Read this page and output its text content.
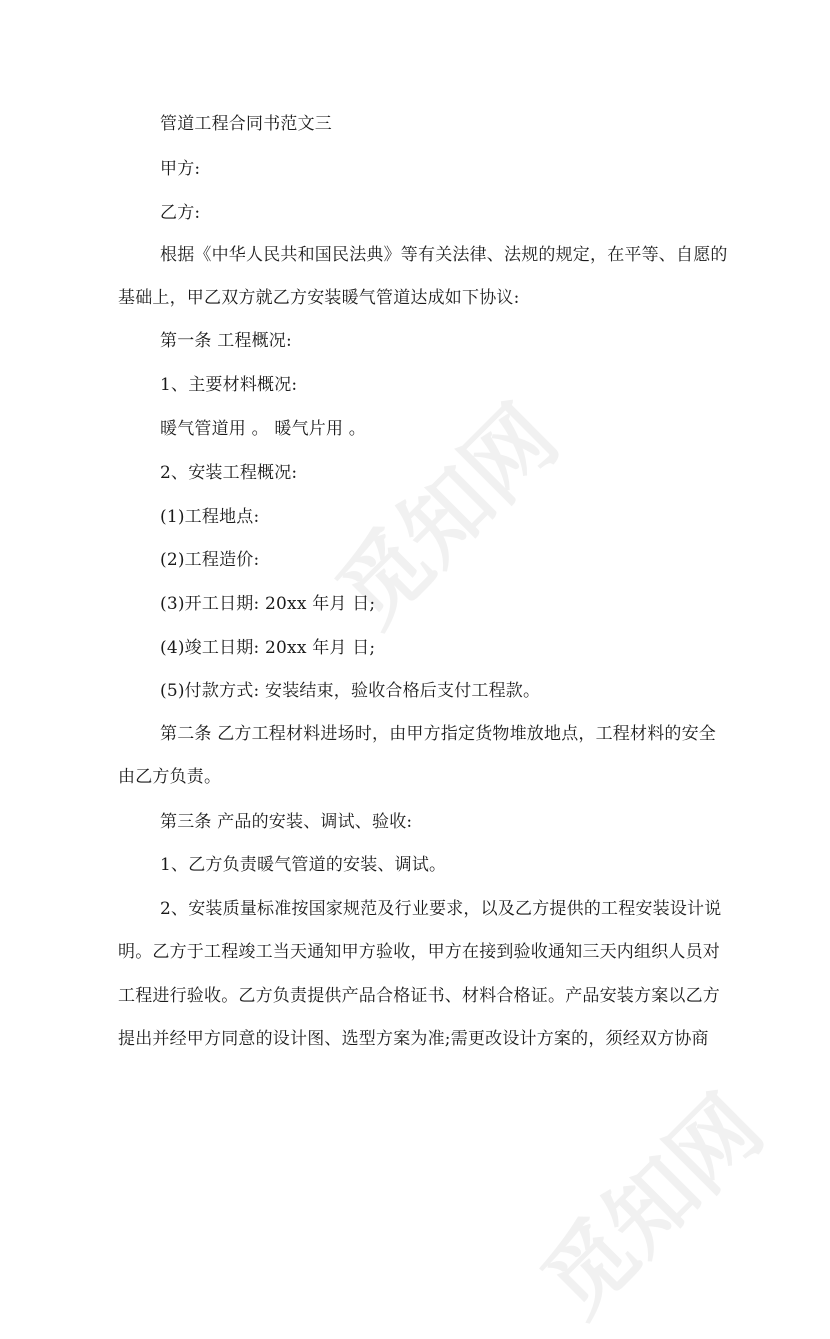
觅知网
觅知网
管道工程合同书范文三
甲方:
乙方:
根据《中华人民共和国民法典》等有关法律、法规的规定，在平等、自愿的
基础上，甲乙双方就乙方安装暖气管道达成如下协议:
第一条 工程概况:
1、主要材料概况:
暖气管道用 。 暖气片用 。
2、安装工程概况:
(1)工程地点:
(2)工程造价:
(3)开工日期: 20xx 年月 日;
(4)竣工日期: 20xx 年月 日;
(5)付款方式: 安装结束，验收合格后支付工程款。
第二条 乙方工程材料进场时，由甲方指定货物堆放地点，工程材料的安全
由乙方负责。
第三条 产品的安装、调试、验收:
1、乙方负责暖气管道的安装、调试。
2、安装质量标准按国家规范及行业要求，以及乙方提供的工程安装设计说
明。乙方于工程竣工当天通知甲方验收，甲方在接到验收通知三天内组织人员对
工程进行验收。乙方负责提供产品合格证书、材料合格证。产品安装方案以乙方
提出并经甲方同意的设计图、选型方案为准;需更改设计方案的，须经双方协商
